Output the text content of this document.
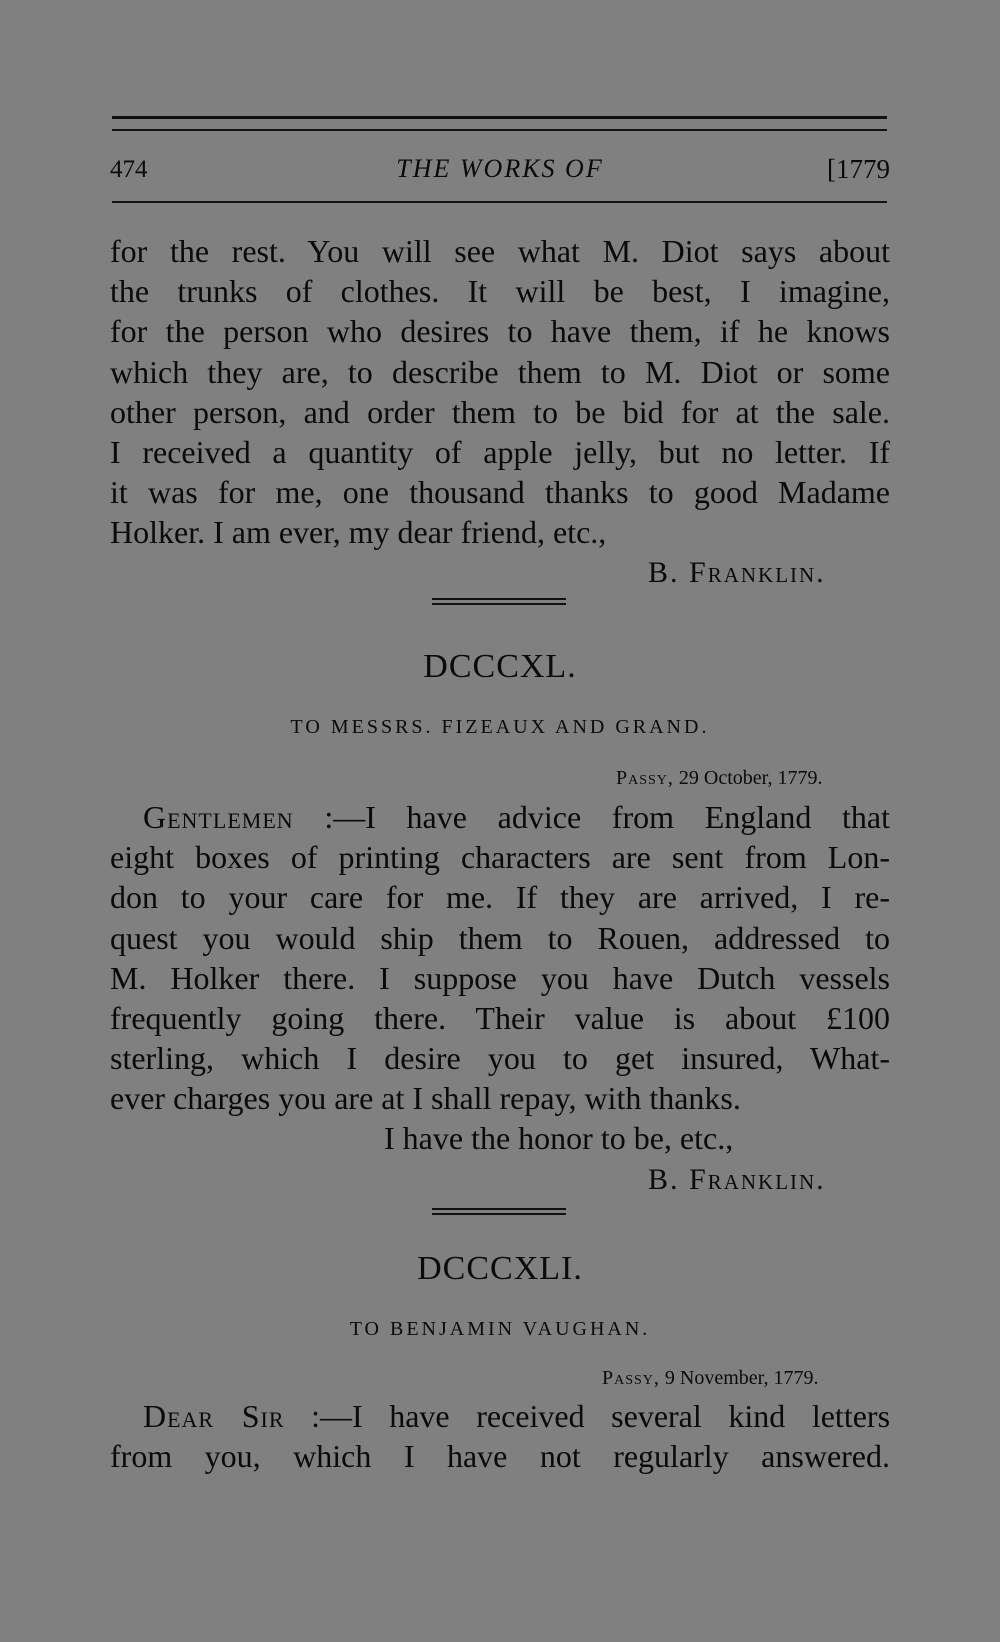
474	THE WORKS OF	[1779
for the rest. You will see what M. Diot says about
the trunks of clothes. It will be best, I imagine,
for the person who desires to have them, if he knows
which they are, to describe them to M. Diot or some
other person, and order them to be bid for at the sale.
I received a quantity of apple jelly, but no letter. If
it was for me, one thousand thanks to good Madame
Holker. I am ever, my dear friend, etc.,
B. Franklin.
DCCCXL.
TO MESSRS. FIZEAUX AND GRAND.
Passy, 29 October, 1779.
Gentlemen :—I have advice from England that
eight boxes of printing characters are sent from Lon-
don to your care for me. If they are arrived, I re-
quest you would ship them to Rouen, addressed to
M. Holker there. I suppose you have Dutch vessels
frequently going there. Their value is about £100
sterling, which I desire you to get insured, What-
ever charges you are at I shall repay, with thanks.
I have the honor to be, etc.,
B. Franklin.
DCCCXLI.
TO BENJAMIN VAUGHAN.
Passy, 9 November, 1779.
Dear Sir :—I have received several kind letters
from you, which I have not regularly answered.
